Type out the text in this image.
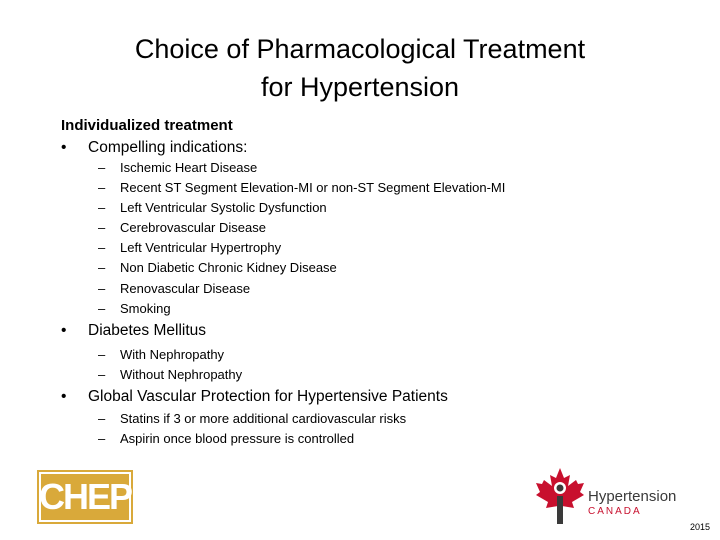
Choice of Pharmacological Treatment
for Hypertension
Individualized treatment
•	Compelling indications:
– Ischemic Heart Disease
– Recent ST Segment Elevation-MI or non-ST Segment Elevation-MI
– Left Ventricular Systolic Dysfunction
– Cerebrovascular Disease
– Left Ventricular Hypertrophy
– Non Diabetic Chronic Kidney Disease
– Renovascular Disease
– Smoking
•	Diabetes Mellitus
– With Nephropathy
– Without Nephropathy
•	Global Vascular Protection for Hypertensive Patients
– Statins if 3 or more additional cardiovascular risks
– Aspirin once blood pressure is controlled
CHEP	Hypertension
CANADA
2015
